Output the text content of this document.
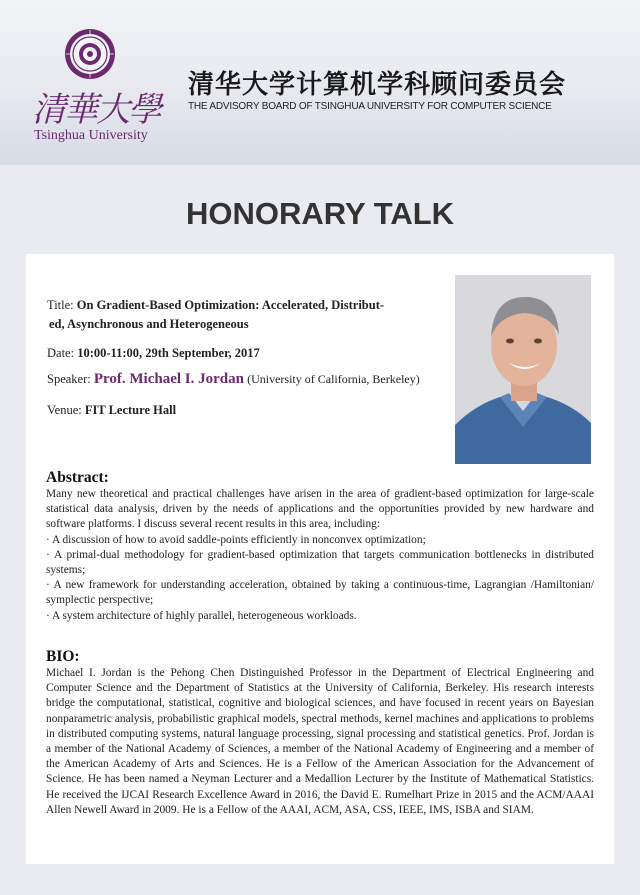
清華大學
Tsinghua University
清华大学计算机学科顾问委员会
THE ADVISORY BOARD OF TSINGHUA UNIVERSITY FOR COMPUTER SCIENCE
HONORARY TALK
Title: On Gradient-Based Optimization: Accelerated, Distribut-
ed, Asynchronous and Heterogeneous
Date: 10:00-11:00, 29th September, 2017
Speaker: Prof. Michael I. Jordan (University of California, Berkeley)
Venue: FIT Lecture Hall
Abstract:
Many new theoretical and practical challenges have arisen in the area of gradient-based optimization for large-scale statistical data analysis, driven by the needs of applications and the opportunities provided by new hardware and software platforms. I discuss several recent results in this area, including:
· A discussion of how to avoid saddle-points efficiently in nonconvex optimization;
· A primal-dual methodology for gradient-based optimization that targets communication bottlenecks in distributed systems;
· A new framework for understanding acceleration, obtained by taking a continuous-time, Lagrangian /Hamiltonian/ symplectic perspective;
· A system architecture of highly parallel, heterogeneous workloads.
BIO:
Michael I. Jordan is the Pehong Chen Distinguished Professor in the Department of Electrical Engineering and Computer Science and the Department of Statistics at the University of California, Berkeley. His research interests bridge the computational, statistical, cognitive and biological sciences, and have focused in recent years on Bayesian nonparametric analysis, probabilistic graphical models, spectral methods, kernel machines and applications to problems in distributed computing systems, natural language processing, signal processing and statistical genetics. Prof. Jordan is a member of the National Academy of Sciences, a member of the National Academy of Engineering and a member of the American Academy of Arts and Sciences. He is a Fellow of the American Association for the Advancement of Science. He has been named a Neyman Lecturer and a Medallion Lecturer by the Institute of Mathematical Statistics. He received the IJCAI Research Excellence Award in 2016, the David E. Rumelhart Prize in 2015 and the ACM/AAAI Allen Newell Award in 2009. He is a Fellow of the AAAI, ACM, ASA, CSS, IEEE, IMS, ISBA and SIAM.
